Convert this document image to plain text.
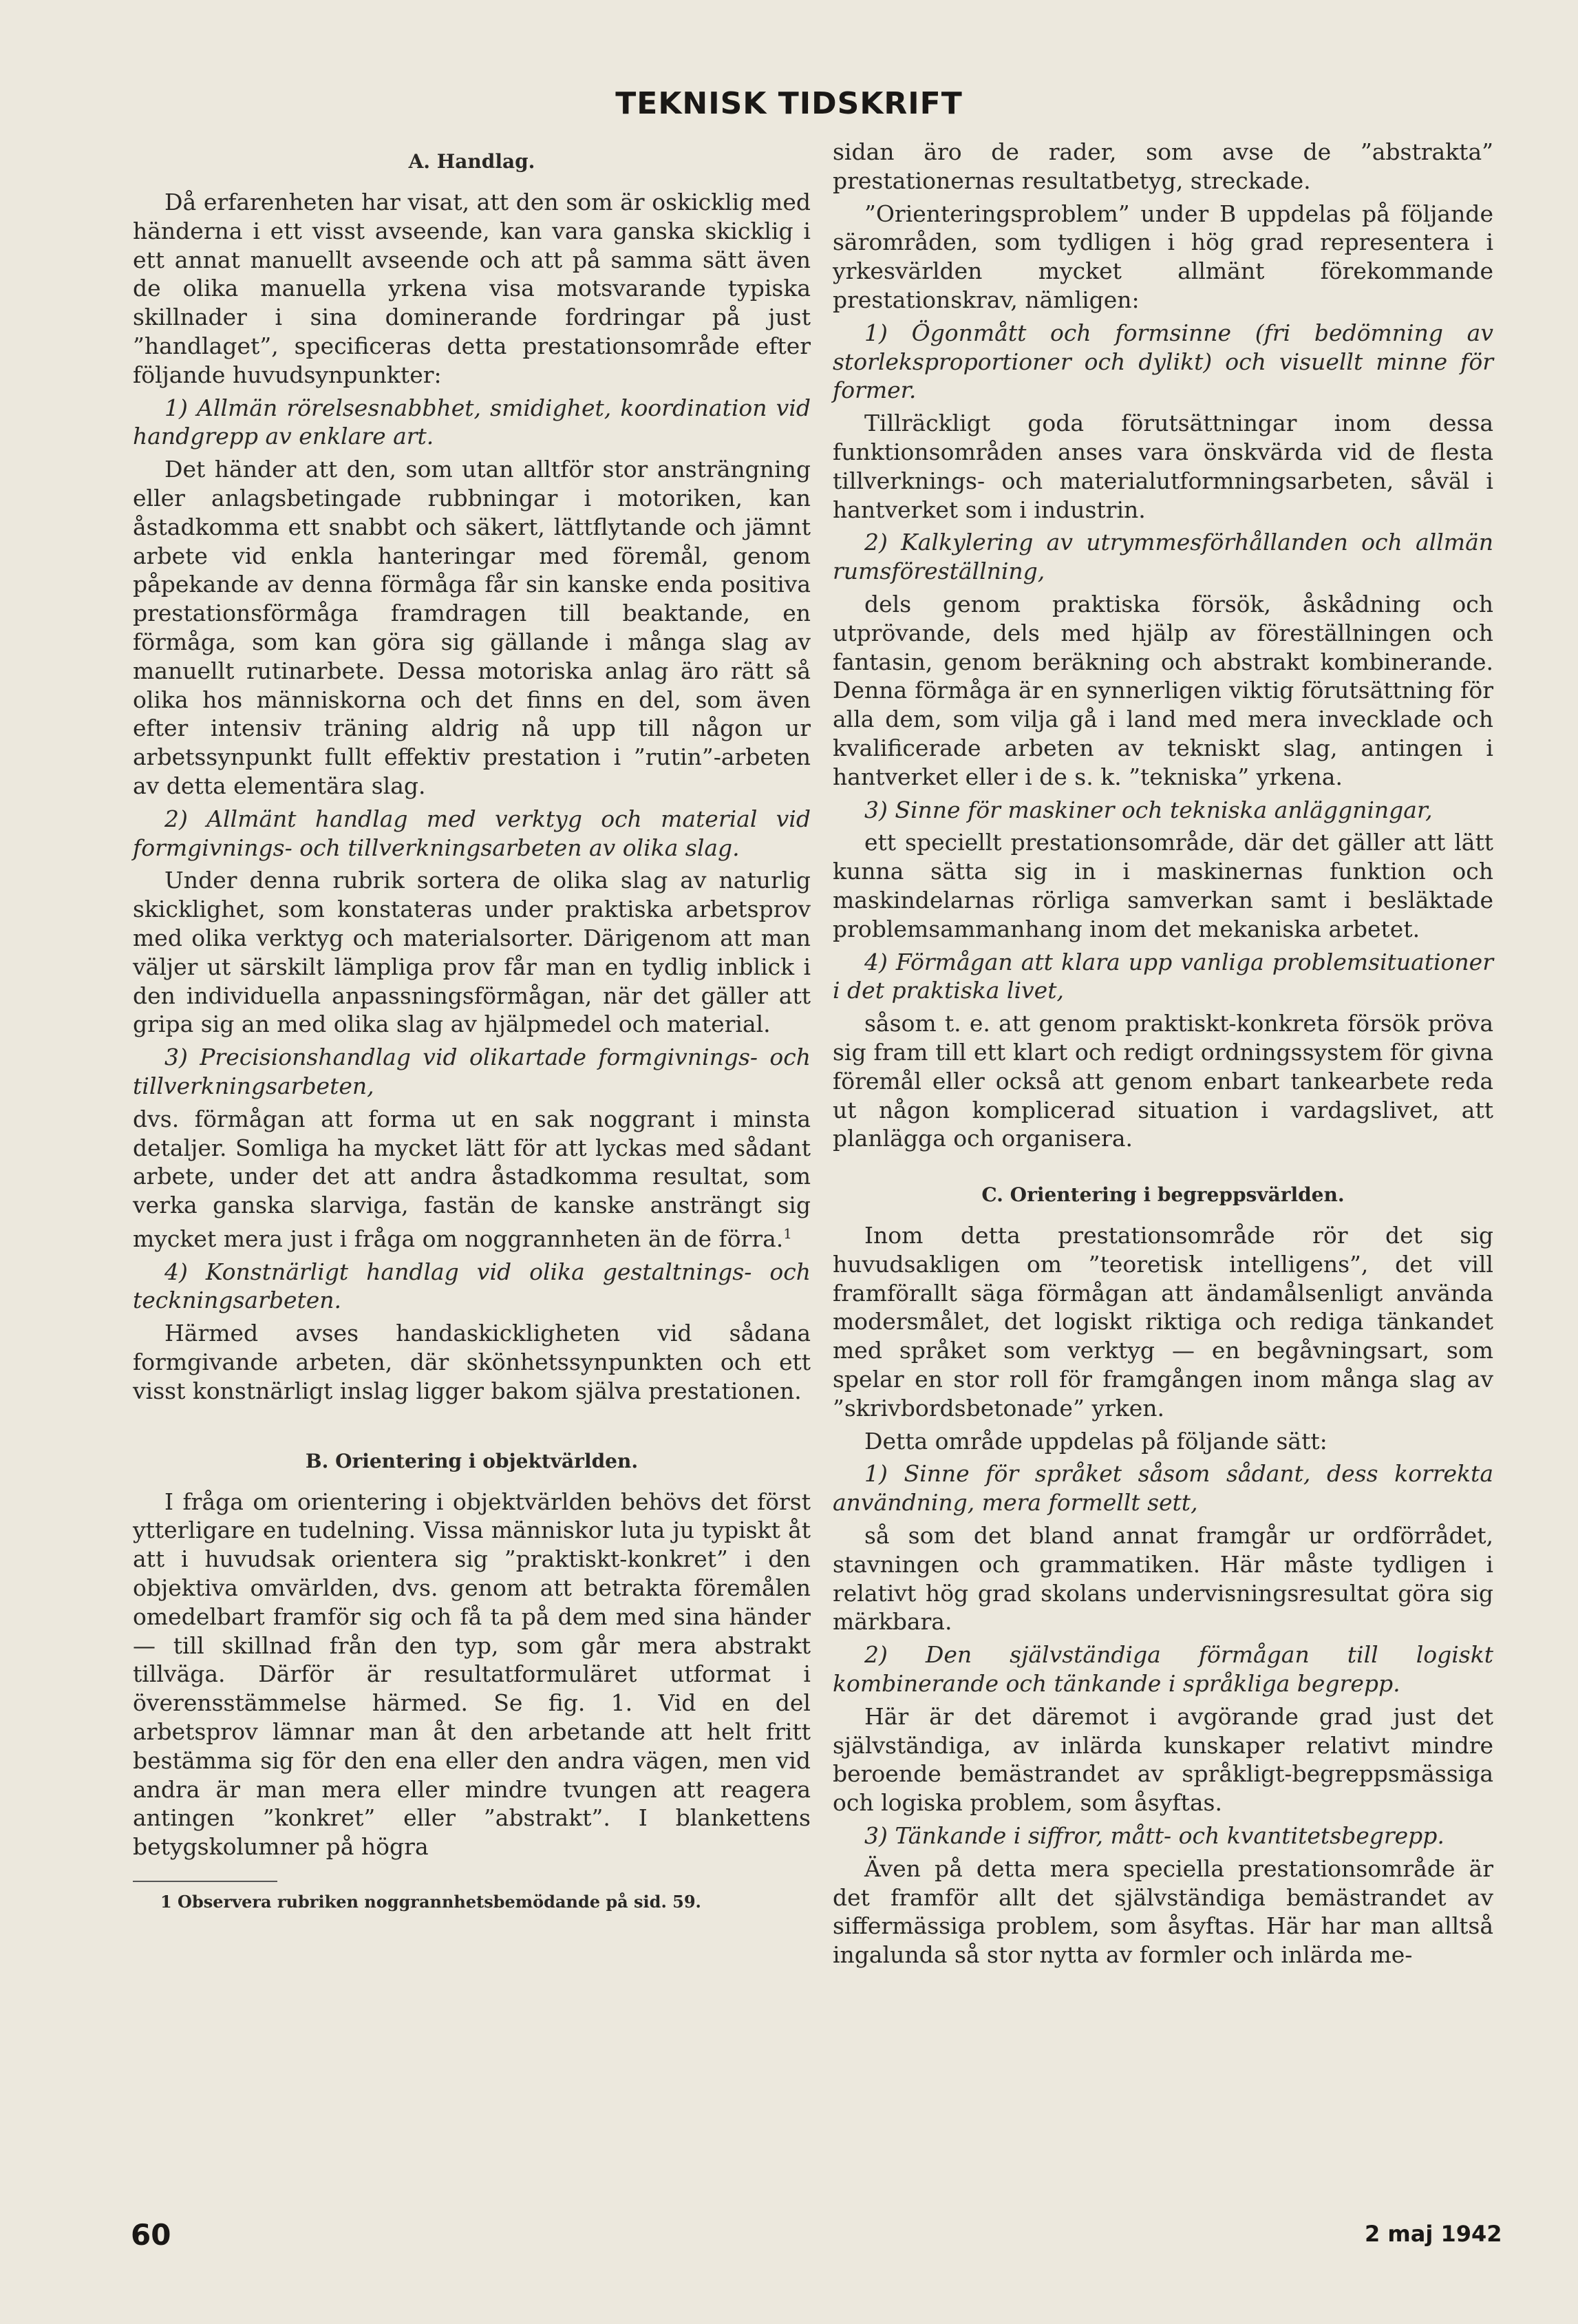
TEKNISK TIDSKRIFT
A. Handlag.

Då erfarenheten har visat, att den som är oskicklig med händerna i ett visst avseende, kan vara ganska skicklig i ett annat manuellt avseende och att på samma sätt även de olika manuella yrkena visa motsvarande typiska skillnader i sina dominerande fordringar på just ”handlaget”, specificeras detta prestationsområde efter följande huvudsynpunkter:

1) Allmän rörelsesnabbhet, smidighet, koordination vid handgrepp av enklare art.

Det händer att den, som utan alltför stor ansträngning eller anlagsbetingade rubbningar i motoriken, kan åstadkomma ett snabbt och säkert, lättflytande och jämnt arbete vid enkla hanteringar med föremål, genom påpekande av denna förmåga får sin kanske enda positiva prestationsförmåga framdragen till beaktande, en förmåga, som kan göra sig gällande i många slag av manuellt rutinarbete. Dessa motoriska anlag äro rätt så olika hos människorna och det finns en del, som även efter intensiv träning aldrig nå upp till någon ur arbetssynpunkt fullt effektiv prestation i ”rutin”-arbeten av detta elementära slag.

2) Allmänt handlag med verktyg och material vid formgivnings- och tillverkningsarbeten av olika slag.

Under denna rubrik sortera de olika slag av naturlig skicklighet, som konstateras under praktiska arbetsprov med olika verktyg och materialsorter. Därigenom att man väljer ut särskilt lämpliga prov får man en tydlig inblick i den individuella anpassningsförmågan, när det gäller att gripa sig an med olika slag av hjälpmedel och material.

3) Precisionshandlag vid olikartade formgivnings- och tillverkningsarbeten,

dvs. förmågan att forma ut en sak noggrant i minsta detaljer. Somliga ha mycket lätt för att lyckas med sådant arbete, under det att andra åstadkomma resultat, som verka ganska slarviga, fastän de kanske ansträngt sig mycket mera just i fråga om noggrannheten än de förra.$^1$

4) Konstnärligt handlag vid olika gestaltnings- och teckningsarbeten.

Härmed avses handaskickligheten vid sådana formgivande arbeten, där skönhetssynpunkten och ett visst konstnärligt inslag ligger bakom själva prestationen.

B. Orientering i objektvärlden.

I fråga om orientering i objektvärlden behövs det först ytterligare en tudelning. Vissa människor luta ju typiskt åt att i huvudsak orientera sig ”praktiskt-konkret” i den objektiva omvärlden, dvs. genom att betrakta föremålen omedelbart framför sig och få ta på dem med sina händer — till skillnad från den typ, som går mera abstrakt tillväga. Därför är resultatformuläret utformat i överensstämmelse härmed. Se fig. 1. Vid en del arbetsprov lämnar man åt den arbetande att helt fritt bestämma sig för den ena eller den andra vägen, men vid andra är man mera eller mindre tvungen att reagera antingen ”konkret” eller ”abstrakt”. I blankettens betygskolumner på högra

1 Observera rubriken noggrannhetsbemödande på sid. 59.

sidan äro de rader, som avse de ”abstrakta” prestationernas resultatbetyg, streckade.

”Orienteringsproblem” under B uppdelas på följande särområden, som tydligen i hög grad representera i yrkesvärlden mycket allmänt förekommande prestationskrav, nämligen:

1) Ögonmått och formsinne (fri bedömning av storleksproportioner och dylikt) och visuellt minne för former.

Tillräckligt goda förutsättningar inom dessa funktionsområden anses vara önskvärda vid de flesta tillverknings- och materialutformningsarbeten, såväl i hantverket som i industrin.

2) Kalkylering av utrymmesförhållanden och allmän rumsföreställning,

dels genom praktiska försök, åskådning och utprövande, dels med hjälp av föreställningen och fantasin, genom beräkning och abstrakt kombinerande. Denna förmåga är en synnerligen viktig förutsättning för alla dem, som vilja gå i land med mera invecklade och kvalificerade arbeten av tekniskt slag, antingen i hantverket eller i de s. k. ”tekniska” yrkena.

3) Sinne för maskiner och tekniska anläggningar,

ett speciellt prestationsområde, där det gäller att lätt kunna sätta sig in i maskinernas funktion och maskindelarnas rörliga samverkan samt i besläktade problemsammanhang inom det mekaniska arbetet.

4) Förmågan att klara upp vanliga problemsituationer i det praktiska livet,

såsom t. e. att genom praktiskt-konkreta försök pröva sig fram till ett klart och redigt ordningssystem för givna föremål eller också att genom enbart tankearbete reda ut någon komplicerad situation i vardagslivet, att planlägga och organisera.

C. Orientering i begreppsvärlden.

Inom detta prestationsområde rör det sig huvudsakligen om ”teoretisk intelligens”, det vill framförallt säga förmågan att ändamålsenligt använda modersmålet, det logiskt riktiga och rediga tänkandet med språket som verktyg — en begåvningsart, som spelar en stor roll för framgången inom många slag av ”skrivbordsbetonade” yrken.

Detta område uppdelas på följande sätt:

1) Sinne för språket såsom sådant, dess korrekta användning, mera formellt sett,

så som det bland annat framgår ur ordförrådet, stavningen och grammatiken. Här måste tydligen i relativt hög grad skolans undervisningsresultat göra sig märkbara.

2) Den självständiga förmågan till logiskt kombinerande och tänkande i språkliga begrepp.

Här är det däremot i avgörande grad just det självständiga, av inlärda kunskaper relativt mindre beroende bemästrandet av språkligt-begreppsmässiga och logiska problem, som åsyftas.

3) Tänkande i siffror, mått- och kvantitetsbegrepp.

Även på detta mera speciella prestationsområde är det framför allt det självständiga bemästrandet av siffermässiga problem, som åsyftas. Här har man alltså ingalunda så stor nytta av formler och inlärda me-

60	2 maj 1942
